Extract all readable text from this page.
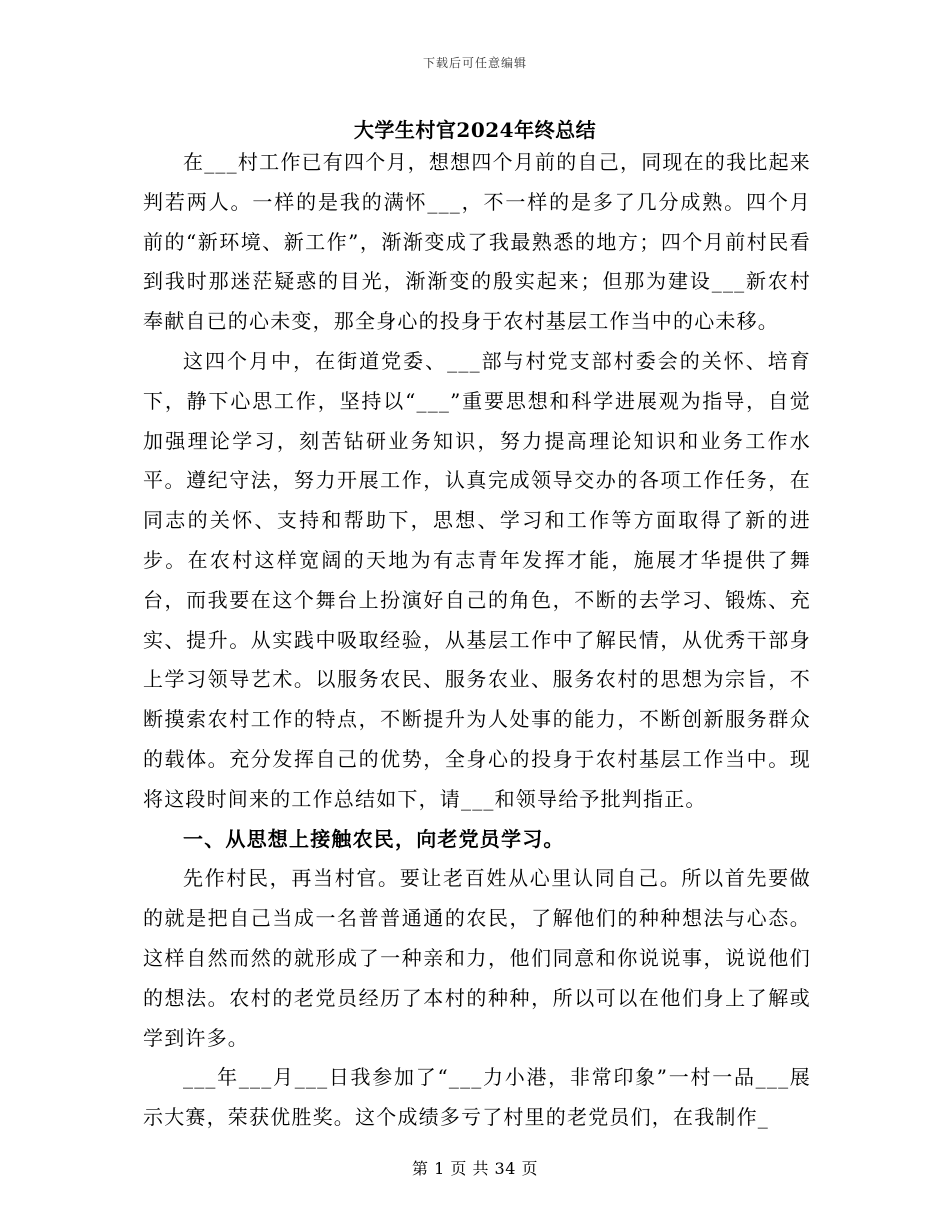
下载后可任意编辑
大学生村官2024年终总结

在___村工作已有四个月，想想四个月前的自己，同现在的我比起来判若两人。一样的是我的满怀___，不一样的是多了几分成熟。四个月前的“新环境、新工作”，渐渐变成了我最熟悉的地方；四个月前村民看到我时那迷茫疑惑的目光，渐渐变的殷实起来；但那为建设___新农村奉献自已的心未变，那全身心的投身于农村基层工作当中的心未移。

这四个月中，在街道党委、___部与村党支部村委会的关怀、培育下，静下心思工作，坚持以“___”重要思想和科学进展观为指导，自觉加强理论学习，刻苦钻研业务知识，努力提高理论知识和业务工作水平。遵纪守法，努力开展工作，认真完成领导交办的各项工作任务，在同志的关怀、支持和帮助下，思想、学习和工作等方面取得了新的进步。在农村这样宽阔的天地为有志青年发挥才能，施展才华提供了舞台，而我要在这个舞台上扮演好自己的角色，不断的去学习、锻炼、充实、提升。从实践中吸取经验，从基层工作中了解民情，从优秀干部身上学习领导艺术。以服务农民、服务农业、服务农村的思想为宗旨，不断摸索农村工作的特点，不断提升为人处事的能力，不断创新服务群众的载体。充分发挥自己的优势，全身心的投身于农村基层工作当中。现将这段时间来的工作总结如下，请___和领导给予批判指正。

一、从思想上接触农民，向老党员学习。

先作村民，再当村官。要让老百姓从心里认同自己。所以首先要做的就是把自己当成一名普普通通的农民，了解他们的种种想法与心态。这样自然而然的就形成了一种亲和力，他们同意和你说说事，说说他们的想法。农村的老党员经历了本村的种种，所以可以在他们身上了解或学到许多。

___年___月___日我参加了“___力小港，非常印象”一村一品___展示大赛，荣获优胜奖。这个成绩多亏了村里的老党员们，在我制作_

第 1 页 共 34 页
